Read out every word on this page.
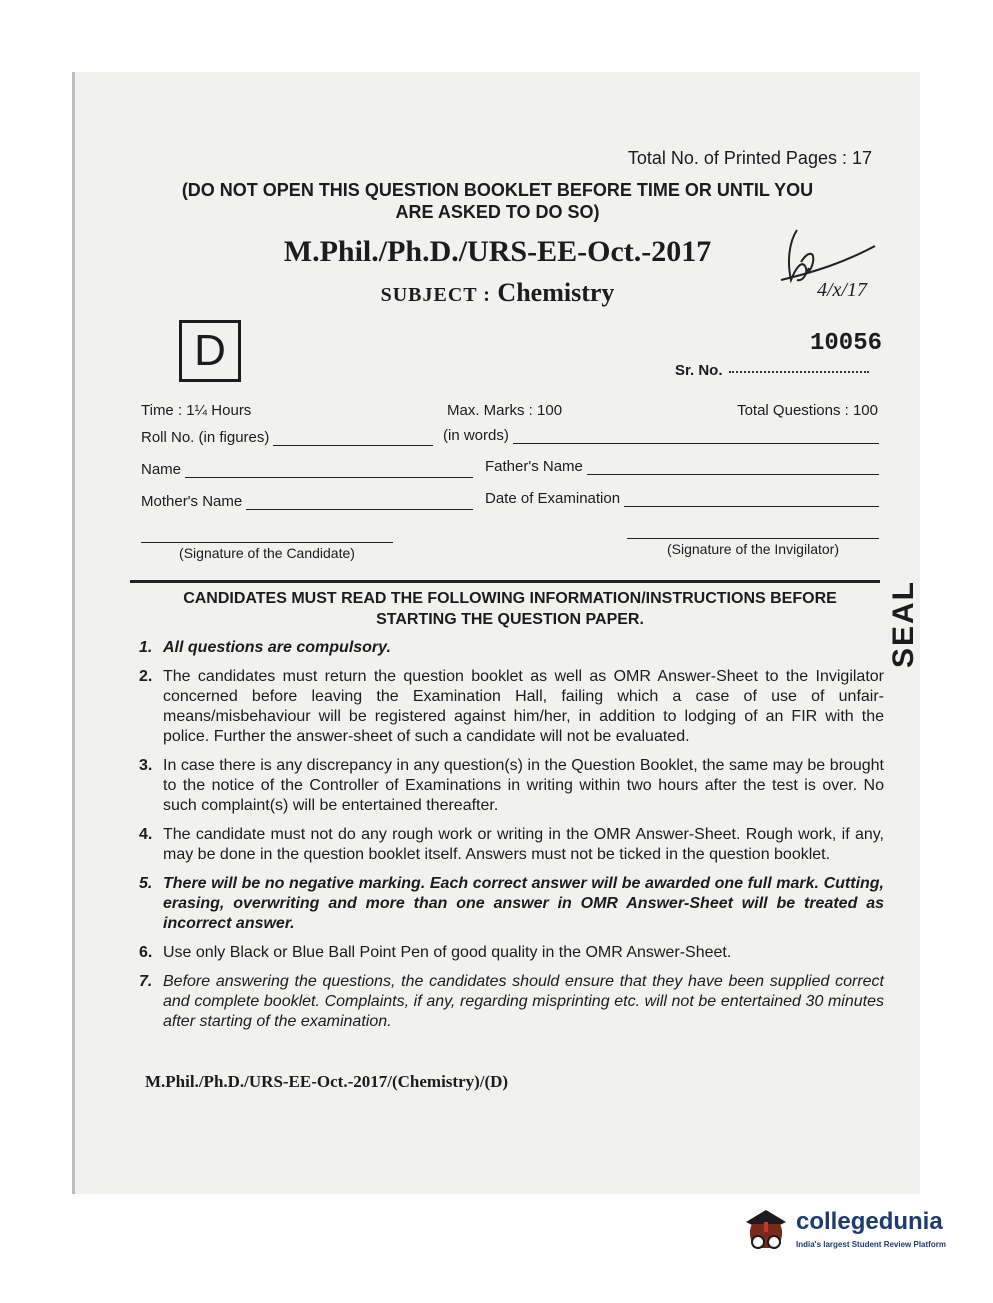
Total No. of Printed Pages : 17
(DO NOT OPEN THIS QUESTION BOOKLET BEFORE TIME OR UNTIL YOU
ARE ASKED TO DO SO)
M.Phil./Ph.D./URS-EE-Oct.-2017
SUBJECT : Chemistry	4/x/17
D	10056
Sr. No.
Time : 1¼ Hours	Max. Marks : 100	Total Questions : 100
Roll No. (in figures)	(in words)
Name	Father's Name
Mother's Name	Date of Examination
(Signature of the Candidate)	(Signature of the Invigilator)
CANDIDATES MUST READ THE FOLLOWING INFORMATION/INSTRUCTIONS BEFORE
STARTING THE QUESTION PAPER.	SEAL
1. All questions are compulsory.
2. The candidates must return the question booklet as well as OMR Answer-Sheet to the Invigilator concerned before leaving the Examination Hall, failing which a case of use of unfair-means/misbehaviour will be registered against him/her, in addition to lodging of an FIR with the police. Further the answer-sheet of such a candidate will not be evaluated.
3. In case there is any discrepancy in any question(s) in the Question Booklet, the same may be brought to the notice of the Controller of Examinations in writing within two hours after the test is over. No such complaint(s) will be entertained thereafter.
4. The candidate must not do any rough work or writing in the OMR Answer-Sheet. Rough work, if any, may be done in the question booklet itself. Answers must not be ticked in the question booklet.
5. There will be no negative marking. Each correct answer will be awarded one full mark. Cutting, erasing, overwriting and more than one answer in OMR Answer-Sheet will be treated as incorrect answer.
6. Use only Black or Blue Ball Point Pen of good quality in the OMR Answer-Sheet.
7. Before answering the questions, the candidates should ensure that they have been supplied correct and complete booklet. Complaints, if any, regarding misprinting etc. will not be entertained 30 minutes after starting of the examination.
M.Phil./Ph.D./URS-EE-Oct.-2017/(Chemistry)/(D)
collegedunia
India's largest Student Review Platform
